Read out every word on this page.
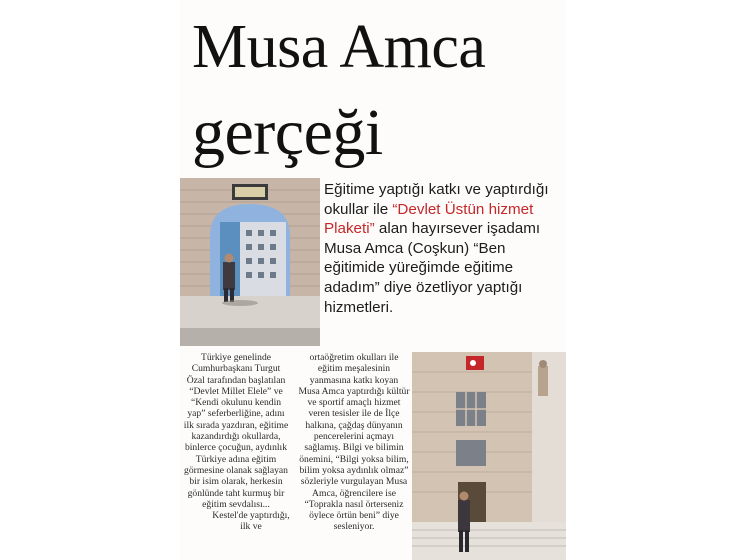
Musa Amca
gerçeği
Eğitime yaptığı katkı ve yaptırdığı okullar ile “Devlet Üstün hizmet Plaketi” alan hayırsever işadamı Musa Amca (Coşkun) “Ben eğitimide yüreğimde eğitime adadım” diye özetliyor yaptığı hizmetleri.

Türkiye genelinde Cumhurbaşkanı Turgut Özal tarafından başlatılan “Devlet Millet Elele” ve “Kendi okulunu kendin yap” seferberliğine, adını ilk sırada yazdıran, eğitime kazandırdığı okullarda, binlerce çocuğun, aydınlık Türkiye adına eğitim görmesine olanak sağlayan bir isim olarak, herkesin gönlünde taht kurmuş bir eğitim sevdalısı...

Kestel'de yaptırdığı, ilk ve

ortaöğretim okulları ile eğitim meşalesinin yanmasına katkı koyan Musa Amca yaptırdığı kültür ve sportif amaçlı hizmet veren tesisler ile de İlçe halkına, çağdaş dünyanın pencerelerini açmayı sağlamış. Bilgi ve bilimin önemini, “Bilgi yoksa bilim, bilim yoksa aydınlık olmaz” sözleriyle vurgulayan Musa Amca, öğrencilere ise “Toprakla nasıl örterseniz öylece örtün beni” diye sesleniyor.
